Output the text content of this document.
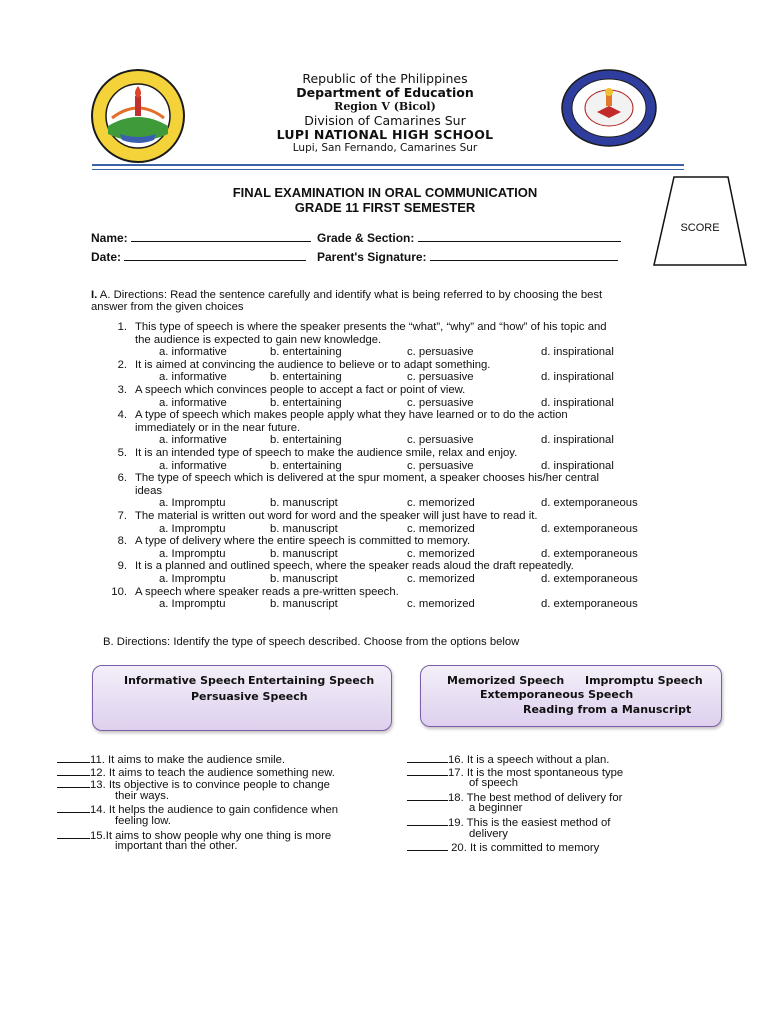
Republic of the Philippines
Department of Education
Region V (Bicol)
Division of Camarines Sur
LUPI NATIONAL HIGH SCHOOL
Lupi, San Fernando, Camarines Sur
FINAL EXAMINATION IN ORAL COMMUNICATION
GRADE 11 FIRST SEMESTER
SCORE
Name:	Grade & Section:
Date:	Parent's Signature:
I. A. Directions: Read the sentence carefully and identify what is being referred to by choosing the best
answer from the given choices
1. This type of speech is where the speaker presents the “what”, “why” and “how” of his topic and
the audience is expected to gain new knowledge.
a. informative	b. entertaining	c. persuasive	d. inspirational
2. It is aimed at convincing the audience to believe or to adapt something.
a. informative	b. entertaining	c. persuasive	d. inspirational
3. A speech which convinces people to accept a fact or point of view.
a. informative	b. entertaining	c. persuasive	d. inspirational
4. A type of speech which makes people apply what they have learned or to do the action
immediately or in the near future.
a. informative	b. entertaining	c. persuasive	d. inspirational
5. It is an intended type of speech to make the audience smile, relax and enjoy.
a. informative	b. entertaining	c. persuasive	d. inspirational
6. The type of speech which is delivered at the spur moment, a speaker chooses his/her central
ideas
a. Impromptu	b. manuscript	c. memorized	d. extemporaneous
7. The material is written out word for word and the speaker will just have to read it.
a. Impromptu	b. manuscript	c. memorized	d. extemporaneous
8. A type of delivery where the entire speech is committed to memory.
a. Impromptu	b. manuscript	c. memorized	d. extemporaneous
9. It is a planned and outlined speech, where the speaker reads aloud the draft repeatedly.
a. Impromptu	b. manuscript	c. memorized	d. extemporaneous
10. A speech where speaker reads a pre-written speech.
a. Impromptu	b. manuscript	c. memorized	d. extemporaneous
B. Directions: Identify the type of speech described. Choose from the options below
Informative Speech Entertaining Speech
Persuasive Speech
Memorized Speech Impromptu Speech
Extemporaneous Speech
Reading from a Manuscript
11. It aims to make the audience smile.
12. It aims to teach the audience something new.
13. Its objective is to convince people to change
their ways.
14. It helps the audience to gain confidence when
feeling low.
15.It aims to show people why one thing is more
important than the other.
16. It is a speech without a plan.
17. It is the most spontaneous type
of speech
18. The best method of delivery for
a beginner
19. This is the easiest method of
delivery
20. It is committed to memory
